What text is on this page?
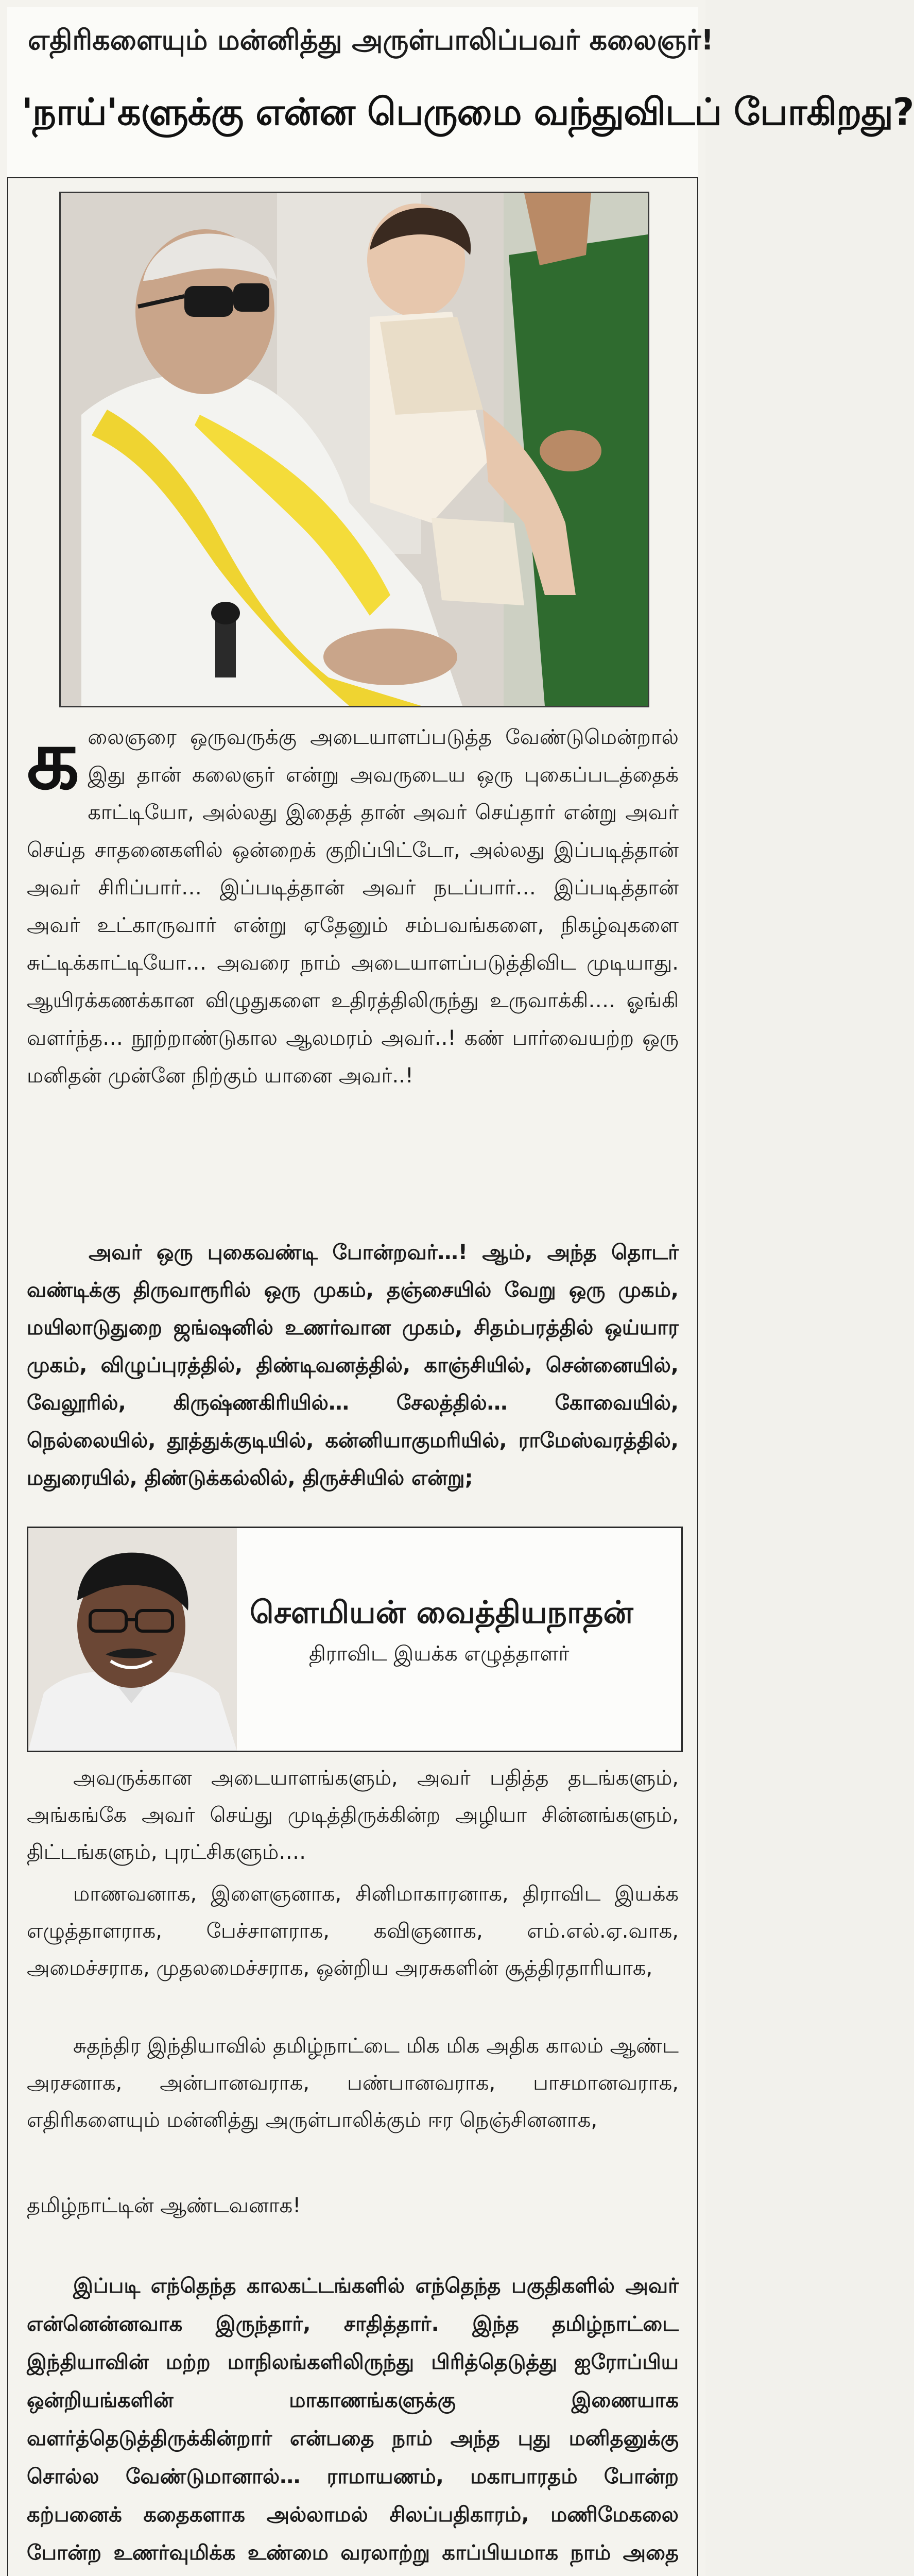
எதிரிகளையும் மன்னித்து அருள்பாலிப்பவர் கலைஞர்!
'நாய்'களுக்கு என்ன பெருமை வந்துவிடப் போகிறது?
க லைஞரை ஒருவருக்கு அடையாளப்படுத்த வேண்டுமென்றால் இது தான் கலைஞர் என்று அவருடைய ஒரு புகைப்படத்தைக் காட்டியோ, அல்லது இதைத் தான் அவர் செய்தார் என்று அவர் செய்த சாதனைகளில் ஒன்றைக் குறிப்பிட்டோ, அல்லது இப்படித்தான் அவர் சிரிப்பார்… இப்படித்தான் அவர் நடப்பார்… இப்படித்தான் அவர் உட்காருவார் என்று ஏதேனும் சம்பவங்களை, நிகழ்வுகளை சுட்டிக்காட்டியோ… அவரை நாம் அடையாளப்படுத்திவிட முடியாது. ஆயிரக்கணக்கான விழுதுகளை உதிரத்திலிருந்து உருவாக்கி…. ஓங்கி வளர்ந்த… நூற்றாண்டுகால ஆலமரம் அவர்..! கண் பார்வையற்ற ஒரு மனிதன் முன்னே நிற்கும் யானை அவர்..!

அவர் ஒரு புகைவண்டி போன்றவர்…! ஆம், அந்த தொடர் வண்டிக்கு திருவாரூரில் ஒரு முகம், தஞ்சையில் வேறு ஒரு முகம், மயிலாடுதுறை ஜங்ஷனில் உணர்வான முகம், சிதம்பரத்தில் ஒய்யார முகம், விழுப்புரத்தில், திண்டிவனத்தில், காஞ்சியில், சென்னையில், வேலூரில், கிருஷ்ணகிரியில்… சேலத்தில்… கோவையில், நெல்லையில், தூத்துக்குடியில், கன்னியாகுமரியில், ராமேஸ்வரத்தில், மதுரையில், திண்டுக்கல்லில், திருச்சியில் என்று;

சௌமியன் வைத்தியநாதன்
திராவிட இயக்க எழுத்தாளர்

அவருக்கான அடையாளங்களும், அவர் பதித்த தடங்களும், அங்கங்கே அவர் செய்து முடித்திருக்கின்ற அழியா சின்னங்களும், திட்டங்களும், புரட்சிகளும்….

மாணவனாக, இளைஞனாக, சினிமாகாரனாக, திராவிட இயக்க எழுத்தாளராக, பேச்சாளராக, கவிஞனாக, எம்.எல்.ஏ.வாக, அமைச்சராக, முதலமைச்சராக, ஒன்றிய அரசுகளின் சூத்திரதாரியாக,

சுதந்திர இந்தியாவில் தமிழ்நாட்டை மிக மிக அதிக காலம் ஆண்ட அரசனாக, அன்பானவராக, பண்பானவராக, பாசமானவராக, எதிரிகளையும் மன்னித்து அருள்பாலிக்கும் ஈர நெஞ்சினனாக,

தமிழ்நாட்டின் ஆண்டவனாக!

இப்படி எந்தெந்த காலகட்டங்களில் எந்தெந்த பகுதிகளில் அவர் என்னென்னவாக இருந்தார், சாதித்தார். இந்த தமிழ்நாட்டை இந்தியாவின் மற்ற மாநிலங்களிலிருந்து பிரித்தெடுத்து ஐரோப்பிய ஒன்றியங்களின் மாகாணங்களுக்கு இணையாக வளர்த்தெடுத்திருக்கின்றார் என்பதை நாம் அந்த புது மனிதனுக்கு சொல்ல வேண்டுமானால்… ராமாயணம், மகாபாரதம் போன்ற கற்பனைக் கதைகளாக அல்லாமல் சிலப்பதிகாரம், மணிமேகலை போன்ற உணர்வுமிக்க உண்மை வரலாற்று காப்பியமாக நாம் அதை
